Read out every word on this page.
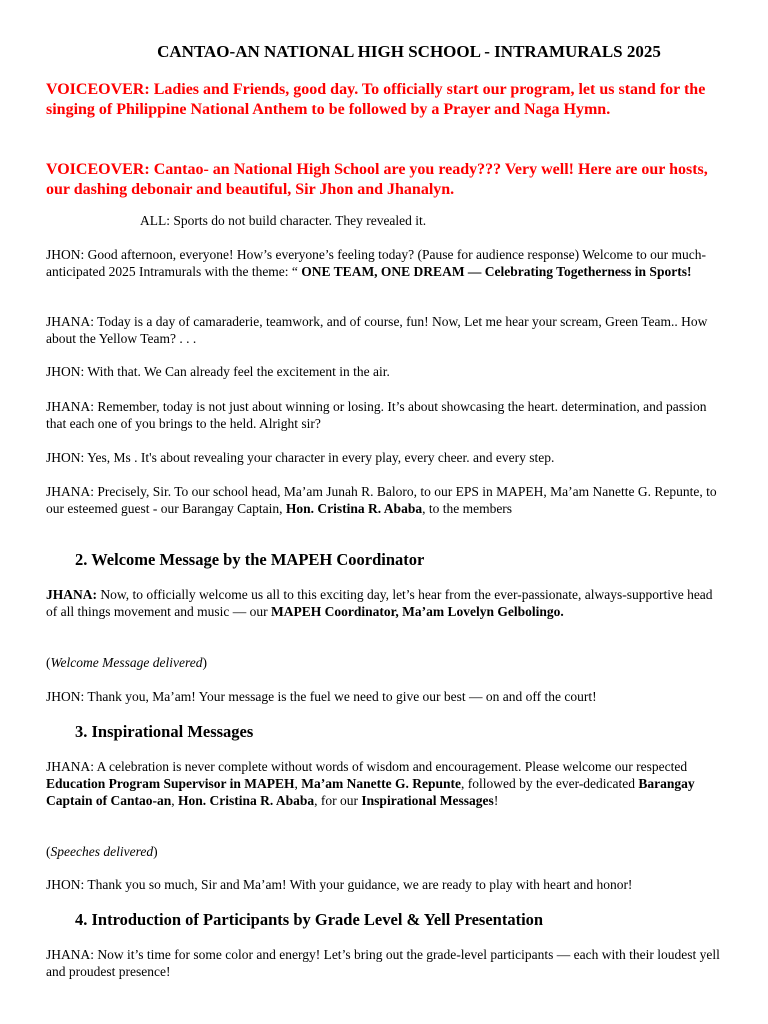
CANTAO-AN NATIONAL HIGH SCHOOL - INTRAMURALS 2025
VOICEOVER: Ladies and Friends, good day. To officially start our program, let us stand for the singing of Philippine National Anthem to be followed by a Prayer and Naga Hymn.
VOICEOVER: Cantao- an National High School are you ready??? Very well! Here are our hosts, our dashing debonair and beautiful, Sir Jhon and Jhanalyn.
ALL: Sports do not build character. They revealed it.
JHON: Good afternoon, everyone! How’s everyone’s feeling today? (Pause for audience response) Welcome to our much-anticipated 2025 Intramurals with the theme: “ ONE TEAM, ONE DREAM — Celebrating Togetherness in Sports!
JHANA: Today is a day of camaraderie, teamwork, and of course, fun! Now, Let me hear your scream, Green Team.. How about the Yellow Team? . . .
JHON: With that. We Can already feel the excitement in the air.
JHANA: Remember, today is not just about winning or losing. It’s about showcasing the heart. determination, and passion that each one of you brings to the held. Alright sir?
JHON: Yes, Ms . It's about revealing your character in every play, every cheer. and every step.
JHANA: Precisely, Sir. To our school head, Ma’am Junah R. Baloro, to our EPS in MAPEH, Ma’am Nanette G. Repunte, to our esteemed guest - our Barangay Captain, Hon. Cristina R. Ababa, to the members
2. Welcome Message by the MAPEH Coordinator
JHANA: Now, to officially welcome us all to this exciting day, let’s hear from the ever-passionate, always-supportive head of all things movement and music — our MAPEH Coordinator, Ma’am Lovelyn Gelbolingo.
(Welcome Message delivered)
JHON: Thank you, Ma’am! Your message is the fuel we need to give our best — on and off the court!
3. Inspirational Messages
JHANA: A celebration is never complete without words of wisdom and encouragement. Please welcome our respected Education Program Supervisor in MAPEH, Ma’am Nanette G. Repunte, followed by the ever-dedicated Barangay Captain of Cantao-an, Hon. Cristina R. Ababa, for our Inspirational Messages!
(Speeches delivered)
JHON: Thank you so much, Sir and Ma’am! With your guidance, we are ready to play with heart and honor!
4. Introduction of Participants by Grade Level & Yell Presentation
JHANA: Now it’s time for some color and energy! Let’s bring out the grade-level participants — each with their loudest yell and proudest presence!
